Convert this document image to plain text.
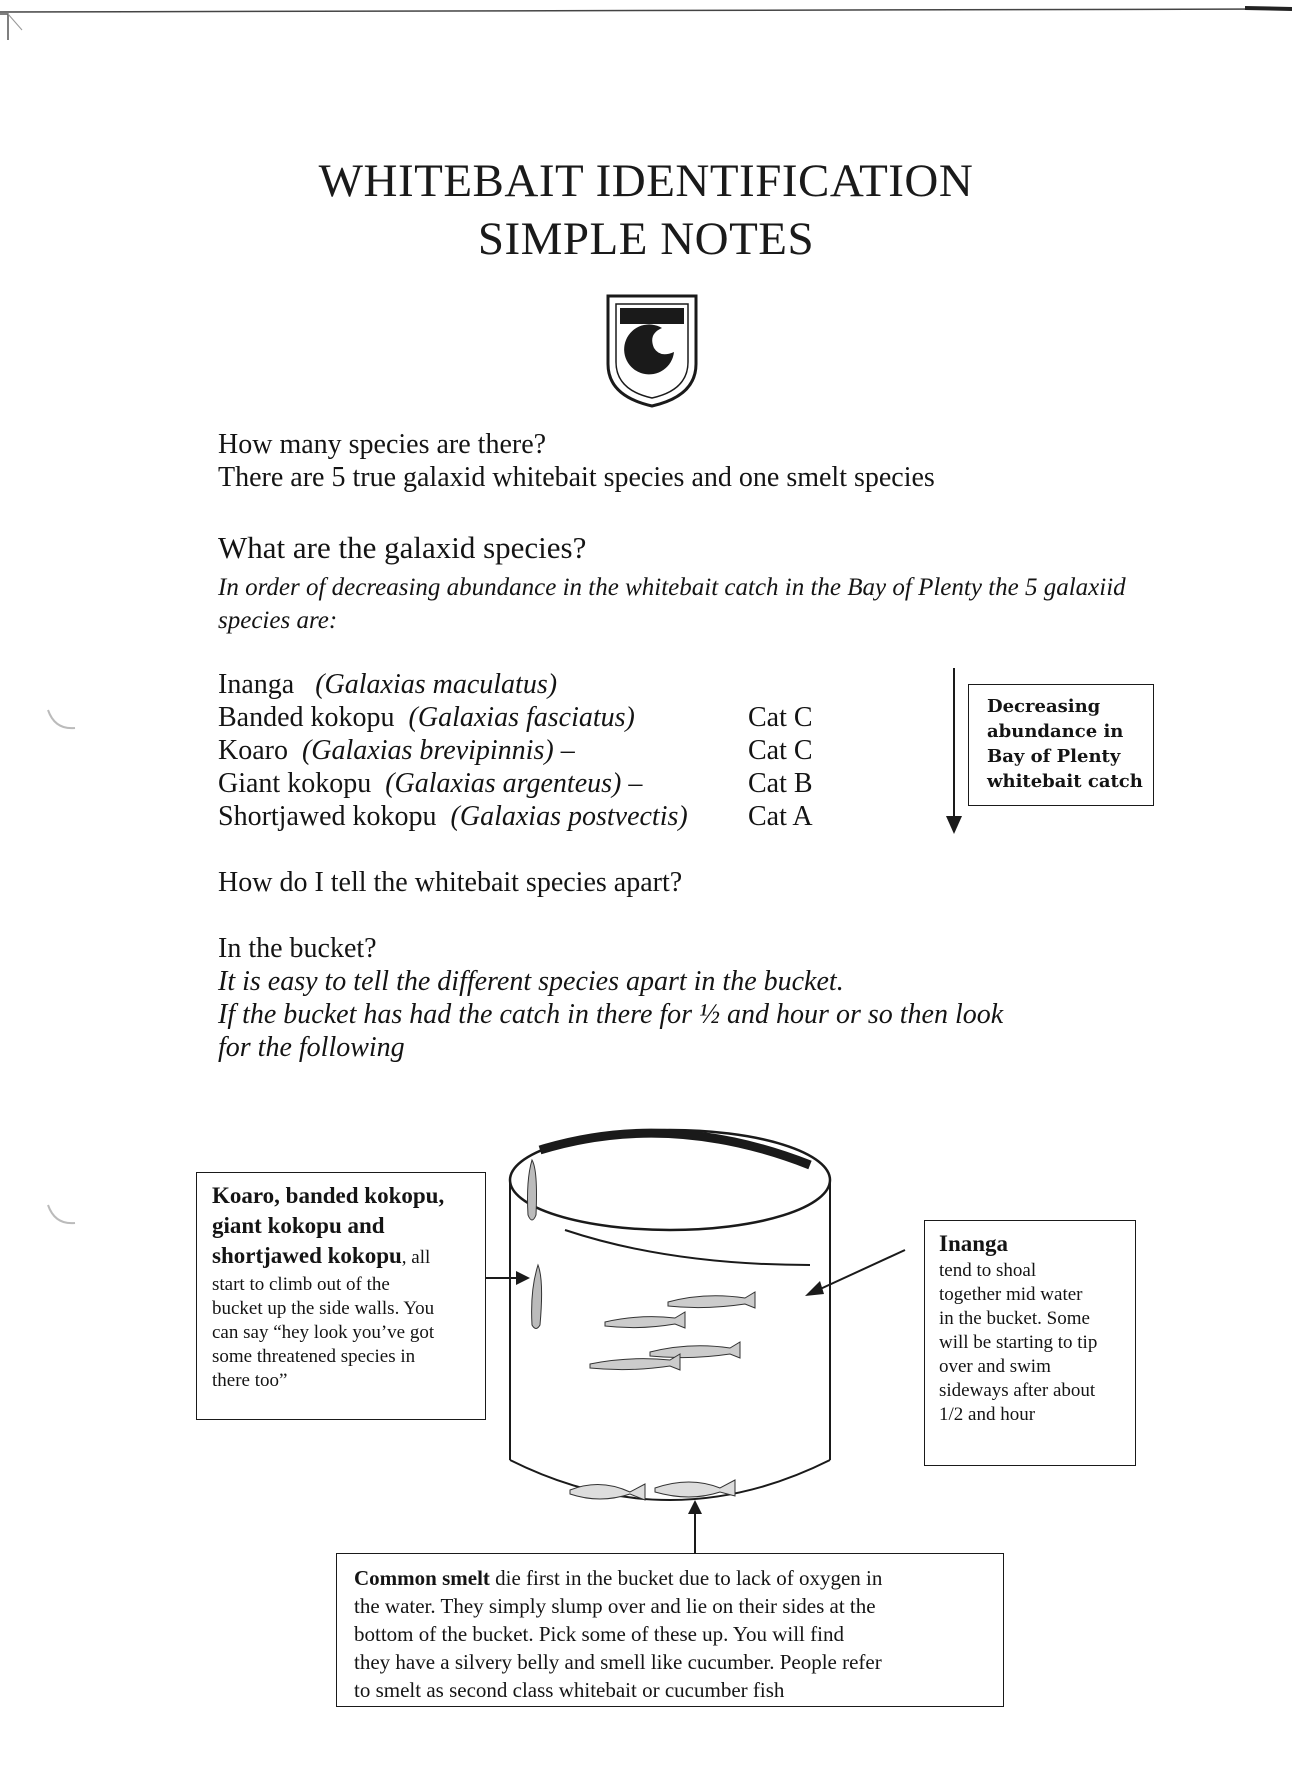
WHITEBAIT IDENTIFICATION
SIMPLE NOTES
How many species are there?
There are 5 true galaxid whitebait species and one smelt species
What are the galaxid species?
In order of decreasing abundance in the whitebait catch in the Bay of Plenty the 5 galaxiid
species are:
Inanga (Galaxias maculatus)
Banded kokopu (Galaxias fasciatus)
Koaro (Galaxias brevipinnis) –
Giant kokopu (Galaxias argenteus) –
Shortjawed kokopu (Galaxias postvectis)
Cat C
Cat C
Cat B
Cat A
Decreasing
abundance in
Bay of Plenty
whitebait catch
How do I tell the whitebait species apart?
In the bucket?
It is easy to tell the different species apart in the bucket.
If the bucket has had the catch in there for ½ and hour or so then look
for the following
Koaro, banded kokopu,
giant kokopu and
shortjawed kokopu, all
start to climb out of the
bucket up the side walls. You
can say “hey look you’ve got
some threatened species in
there too”
Inanga
tend to shoal
together mid water
in the bucket. Some
will be starting to tip
over and swim
sideways after about
1/2 and hour
Common smelt die first in the bucket due to lack of oxygen in
the water. They simply slump over and lie on their sides at the
bottom of the bucket. Pick some of these up. You will find
they have a silvery belly and smell like cucumber. People refer
to smelt as second class whitebait or cucumber fish
